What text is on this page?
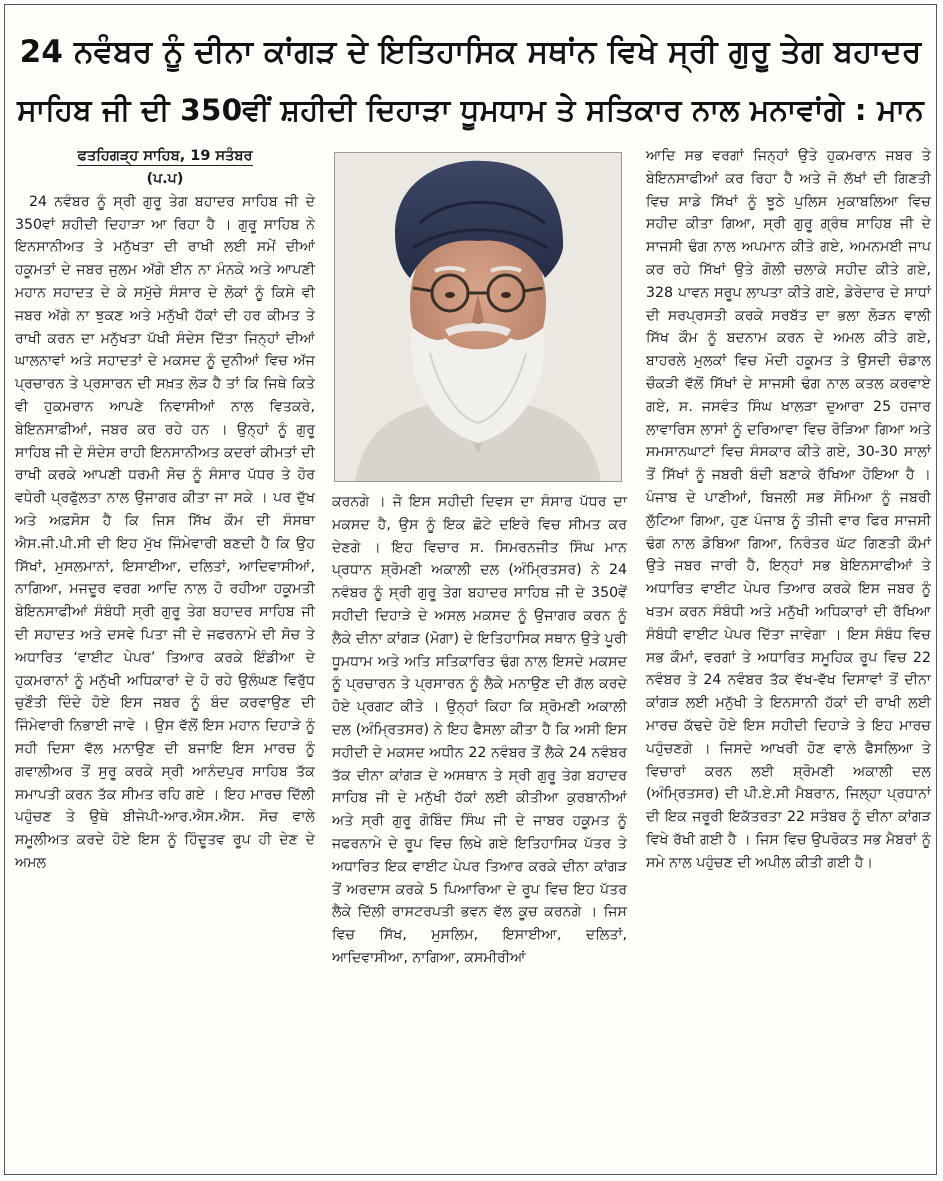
24 ਨਵੰਬਰ ਨੂੰ ਦੀਨਾ ਕਾਂਗੜ ਦੇ ਇਤਿਹਾਸਿਕ ਸਥਾਂਨ ਵਿਖੇ ਸ੍ਰੀ ਗੁਰੂ ਤੇਗ ਬਹਾਦਰ
ਸਾਹਿਬ ਜੀ ਦੀ 350ਵੀਂ ਸ਼ਹੀਦੀ ਦਿਹਾੜਾ ਧੂਮਧਾਮ ਤੇ ਸਤਿਕਾਰ ਨਾਲ ਮਨਾਵਾਂਗੇ : ਮਾਨ

ਫਤਹਿਗੜ੍ਹ ਸਾਹਿਬ, 19 ਸਤੰਬਰ

(ਪ.ਪ)

24 ਨਵੰਬਰ ਨੂੰ ਸ੍ਰੀ ਗੁਰੂ ਤੇਗ ਬਹਾਦਰ ਸਾਹਿਬ ਜੀ ਦੇ 350ਵਾਂ ਸ਼ਹੀਦੀ ਦਿਹਾੜਾ ਆ ਰਿਹਾ ਹੈ । ਗੁਰੂ ਸਾਹਿਬ ਨੇ ਇਨਸਾਨੀਅਤ ਤੇ ਮਨੁੱਖਤਾ ਦੀ ਰਾਖੀ ਲਈ ਸਮੇਂ ਦੀਆਂ ਹਕੂਮਤਾਂ ਦੇ ਜਬਰ ਜੁਲਮ ਅੱਗੇ ਈਨ ਨਾ ਮੰਨਕੇ ਅਤੇ ਆਪਣੀ ਮਹਾਨ ਸਹਾਦਤ ਦੇ ਕੇ ਸਮੁੱਚੇ ਸੰਸਾਰ ਦੇ ਲੋਕਾਂ ਨੂੰ ਕਿਸੇ ਵੀ ਜਬਰ ਅੱਗੇ ਨਾ ਝੁਕਣ ਅਤੇ ਮਨੁੱਖੀ ਹੱਕਾਂ ਦੀ ਹਰ ਕੀਮਤ ਤੇ ਰਾਖੀ ਕਰਨ ਦਾ ਮਨੁੱਖਤਾ ਪੱਖੀ ਸੰਦੇਸ ਦਿੱਤਾ ਜਿਨ੍ਹਾਂ ਦੀਆਂ ਘਾਲਨਾਵਾਂ ਅਤੇ ਸਹਾਦਤਾਂ ਦੇ ਮਕਸਦ ਨੂੰ ਦੁਨੀਆਂ ਵਿਚ ਅੱਜ ਪ੍ਰਚਾਰਨ ਤੇ ਪ੍ਰਸਾਰਨ ਦੀ ਸਖ਼ਤ ਲੋੜ ਹੈ ਤਾਂ ਕਿ ਜਿਥੇ ਕਿਤੇ ਵੀ ਹੁਕਮਰਾਨ ਆਪਣੇ ਨਿਵਾਸੀਆਂ ਨਾਲ ਵਿਤਕਰੇ, ਬੇਇਨਸਾਫ਼ੀਆਂ, ਜਬਰ ਕਰ ਰਹੇ ਹਨ । ਉਨ੍ਹਾਂ ਨੂੰ ਗੁਰੂ ਸਾਹਿਬ ਜੀ ਦੇ ਸੰਦੇਸ ਰਾਹੀ ਇਨਸਾਨੀਅਤ ਕਦਰਾਂ ਕੀਮਤਾਂ ਦੀ ਰਾਖੀ ਕਰਕੇ ਆਪਣੀ ਧਰਮੀ ਸੋਚ ਨੂੰ ਸੰਸਾਰ ਪੱਧਰ ਤੇ ਹੋਰ ਵਧੇਰੀ ਪ੍ਰਫੁੱਲਤਾ ਨਾਲ ਉਜਾਗਰ ਕੀਤਾ ਜਾ ਸਕੇ । ਪਰ ਦੁੱਖ ਅਤੇ ਅਫ਼ਸੋਸ ਹੈ ਕਿ ਜਿਸ ਸਿੱਖ ਕੌਮ ਦੀ ਸੰਸਥਾ ਐਸ.ਜੀ.ਪੀ.ਸੀ ਦੀ ਇਹ ਮੁੱਖ ਜਿੰਮੇਵਾਰੀ ਬਣਦੀ ਹੈ ਕਿ ਉਹ ਸਿੱਖਾਂ, ਮੁਸਲਮਾਨਾਂ, ਇਸਾਈਆ, ਦਲਿਤਾਂ, ਆਦਿਵਾਸੀਆਂ, ਨਾਗਿਆ, ਮਜਦੂਰ ਵਰਗ ਆਦਿ ਨਾਲ ਹੋ ਰਹੀਆ ਹਕੂਮਤੀ ਬੇਇਨਸਾਫੀਆਂ ਸੰਬੰਧੀ ਸ੍ਰੀ ਗੁਰੂ ਤੇਗ ਬਹਾਦਰ ਸਾਹਿਬ ਜੀ ਦੀ ਸਹਾਦਤ ਅਤੇ ਦਸਵੇ ਪਿਤਾ ਜੀ ਦੇ ਜਫਰਨਾਮੇ ਦੀ ਸੋਚ ਤੇ ਅਧਾਰਿਤ ‘ਵਾਈਟ ਪੇਪਰ’ ਤਿਆਰ ਕਰਕੇ ਇੰਡੀਆ ਦੇ ਹੁਕਮਰਾਨਾਂ ਨੂੰ ਮਨੁੱਖੀ ਅਧਿਕਾਰਾਂ ਦੇ ਹੋ ਰਹੇ ਉਲੰਘਣ ਵਿਰੁੱਧ ਚੁਣੌਤੀ ਦਿੰਦੇ ਹੋਏ ਇਸ ਜਬਰ ਨੂੰ ਬੰਦ ਕਰਵਾਉਣ ਦੀ ਜਿੰਮੇਵਾਰੀ ਨਿਭਾਈ ਜਾਵੇ । ਉਸ ਵੱਲੋਂ ਇਸ ਮਹਾਨ ਦਿਹਾੜੇ ਨੂੰ ਸਹੀ ਦਿਸਾ ਵੱਲ ਮਨਾਉਣ ਦੀ ਬਜਾਇ ਇਸ ਮਾਰਚ ਨੂੰ ਗਵਾਲੀਅਰ ਤੋਂ ਸੁਰੂ ਕਰਕੇ ਸ੍ਰੀ ਆਨੰਦਪੁਰ ਸਾਹਿਬ ਤੱਕ ਸਮਾਪਤੀ ਕਰਨ ਤੱਕ ਸੀਮਤ ਰਹਿ ਗਏ । ਇਹ ਮਾਰਚ ਦਿੱਲੀ ਪਹੁੰਚਣ ਤੇ ਉਥੇ ਬੀਜੇਪੀ-ਆਰ.ਐਸ.ਐਸ. ਸੋਚ ਵਾਲੇ ਸਮੂਲੀਅਤ ਕਰਦੇ ਹੋਏ ਇਸ ਨੂੰ ਹਿੰਦੂਤਵ ਰੂਪ ਹੀ ਦੇਣ ਦੇ ਅਮਲ

ਕਰਨਗੇ । ਜੋ ਇਸ ਸਹੀਦੀ ਦਿਵਸ ਦਾ ਸੰਸਾਰ ਪੱਧਰ ਦਾ ਮਕਸਦ ਹੈ, ਉਸ ਨੂੰ ਇਕ ਛੋਟੇ ਦਇਰੇ ਵਿਚ ਸੀਮਤ ਕਰ ਦੇਣਗੇ । ਇਹ ਵਿਚਾਰ ਸ. ਸਿਮਰਨਜੀਤ ਸਿੰਘ ਮਾਨ ਪ੍ਰਧਾਨ ਸ਼੍ਰੋਮਣੀ ਅਕਾਲੀ ਦਲ (ਅੰਮ੍ਰਿਤਸਰ) ਨੇ 24 ਨਵੰਬਰ ਨੂੰ ਸ੍ਰੀ ਗੁਰੂ ਤੇਗ ਬਹਾਦਰ ਸਾਹਿਬ ਜੀ ਦੇ 350ਵੇਂ ਸਹੀਦੀ ਦਿਹਾੜੇ ਦੇ ਅਸਲ ਮਕਸਦ ਨੂੰ ਉਜਾਗਰ ਕਰਨ ਨੂੰ ਲੈਕੇ ਦੀਨਾ ਕਾਂਗੜ (ਮੋਗਾ) ਦੇ ਇਤਿਹਾਸਿਕ ਸਥਾਨ ਉਤੇ ਪੂਰੀ ਧੂਮਧਾਮ ਅਤੇ ਅਤਿ ਸਤਿਕਾਰਿਤ ਢੰਗ ਨਾਲ ਇਸਦੇ ਮਕਸਦ ਨੂੰ ਪ੍ਰਚਾਰਨ ਤੇ ਪ੍ਰਸਾਰਨ ਨੂੰ ਲੈਕੇ ਮਨਾਉਣ ਦੀ ਗੱਲ ਕਰਦੇ ਹੋਏ ਪ੍ਰਗਟ ਕੀਤੇ । ਉਨ੍ਹਾਂ ਕਿਹਾ ਕਿ ਸ਼੍ਰੋਮਣੀ ਅਕਾਲੀ ਦਲ (ਅੰਮ੍ਰਿਤਸਰ) ਨੇ ਇਹ ਫੈਸਲਾ ਕੀਤਾ ਹੈ ਕਿ ਅਸੀ ਇਸ ਸਹੀਦੀ ਦੇ ਮਕਸਦ ਅਧੀਨ 22 ਨਵੰਬਰ ਤੋਂ ਲੈਕੇ 24 ਨਵੰਬਰ ਤੱਕ ਦੀਨਾ ਕਾਂਗੜ ਦੇ ਅਸਥਾਨ ਤੇ ਸ੍ਰੀ ਗੁਰੂ ਤੇਗ ਬਹਾਦਰ ਸਾਹਿਬ ਜੀ ਦੇ ਮਨੁੱਖੀ ਹੱਕਾਂ ਲਈ ਕੀਤੀਆ ਕੁਰਬਾਨੀਆਂ ਅਤੇ ਸ੍ਰੀ ਗੁਰੂ ਗੋਬਿੰਦ ਸਿੰਘ ਜੀ ਦੇ ਜਾਬਰ ਹਕੂਮਤ ਨੂੰ ਜਫਰਨਾਮੇ ਦੇ ਰੂਪ ਵਿਚ ਲਿਖੇ ਗਏ ਇਤਿਹਾਸਿਕ ਪੱਤਰ ਤੇ ਅਧਾਰਿਤ ਇਕ ਵਾਈਟ ਪੇਪਰ ਤਿਆਰ ਕਰਕੇ ਦੀਨਾ ਕਾਂਗੜ ਤੋਂ ਅਰਦਾਸ ਕਰਕੇ 5 ਪਿਆਰਿਆ ਦੇ ਰੂਪ ਵਿਚ ਇਹ ਪੱਤਰ ਲੈਕੇ ਦਿੱਲੀ ਰਾਸਟਰਪਤੀ ਭਵਨ ਵੱਲ ਕੂਚ ਕਰਨਗੇ । ਜਿਸ ਵਿਚ ਸਿੱਖ, ਮੁਸਲਿਮ, ਇਸਾਈਆ, ਦਲਿਤਾਂ, ਆਦਿਵਾਸੀਆ, ਨਾਗਿਆ, ਕਸਮੀਰੀਆਂ

ਆਦਿ ਸਭ ਵਰਗਾਂ ਜਿਨ੍ਹਾਂ ਉਤੇ ਹੁਕਮਰਾਨ ਜਬਰ ਤੇ ਬੇਇਨਸਾਫੀਆਂ ਕਰ ਰਿਹਾ ਹੈ ਅਤੇ ਜੋ ਲੱਖਾਂ ਦੀ ਗਿਣਤੀ ਵਿਚ ਸਾਡੇ ਸਿੱਖਾਂ ਨੂੰ ਝੂਠੇ ਪੁਲਿਸ ਮੁਕਾਬਲਿਆ ਵਿਚ ਸਹੀਦ ਕੀਤਾ ਗਿਆ, ਸ੍ਰੀ ਗੁਰੂ ਗ੍ਰੰਥ ਸਾਹਿਬ ਜੀ ਦੇ ਸਾਜਸੀ ਢੰਗ ਨਾਲ ਅਪਮਾਨ ਕੀਤੇ ਗਏ, ਅਮਨਮਈ ਜਾਪ ਕਰ ਰਹੇ ਸਿੱਖਾਂ ਉਤੇ ਗੋਲੀ ਚਲਾਕੇ ਸਹੀਦ ਕੀਤੇ ਗਏ, 328 ਪਾਵਨ ਸਰੂਪ ਲਾਪਤਾ ਕੀਤੇ ਗਏ, ਡੇਰੇਦਾਰ ਦੇ ਸਾਧਾਂ ਦੀ ਸਰਪ੍ਰਸਤੀ ਕਰਕੇ ਸਰਬੱਤ ਦਾ ਭਲਾ ਲੋੜਨ ਵਾਲੀ ਸਿੱਖ ਕੌਮ ਨੂੰ ਬਦਨਾਮ ਕਰਨ ਦੇ ਅਮਲ ਕੀਤੇ ਗਏ, ਬਾਹਰਲੇ ਮੁਲਕਾਂ ਵਿਚ ਮੋਦੀ ਹਕੂਮਤ ਤੇ ਉਸਦੀ ਚੰਡਾਲ ਚੌਕੜੀ ਵੱਲੋਂ ਸਿੱਖਾਂ ਦੇ ਸਾਜਸੀ ਢੰਗ ਨਾਲ ਕਤਲ ਕਰਵਾਏ ਗਏ, ਸ. ਜਸਵੰਤ ਸਿੰਘ ਖਾਲੜਾ ਦੁਆਰਾ 25 ਹਜਾਰ ਲਾਵਾਰਿਸ ਲਾਸਾਂ ਨੂੰ ਦਰਿਆਵਾ ਵਿਚ ਰੋੜਿਆ ਗਿਆ ਅਤੇ ਸਮਸਾਨਘਾਟਾਂ ਵਿਚ ਸੰਸਕਾਰ ਕੀਤੇ ਗਏ, 30-30 ਸਾਲਾਂ ਤੋਂ ਸਿੱਖਾਂ ਨੂੰ ਜਬਰੀ ਬੰਦੀ ਬਣਾਕੇ ਰੱਖਿਆ ਹੋਇਆ ਹੈ । ਪੰਜਾਬ ਦੇ ਪਾਣੀਆਂ, ਬਿਜਲੀ ਸਭ ਸੋਮਿਆ ਨੂੰ ਜਬਰੀ ਲੁੱਟਿਆ ਗਿਆ, ਹੁਣ ਪੰਜਾਬ ਨੂੰ ਤੀਜੀ ਵਾਰ ਫਿਰ ਸਾਜਸੀ ਢੰਗ ਨਾਲ ਡੋਬਿਆ ਗਿਆ, ਨਿਰੰਤਰ ਘੱਟ ਗਿਣਤੀ ਕੌਮਾਂ ਉਤੇ ਜਬਰ ਜਾਰੀ ਹੈ, ਇਨ੍ਹਾਂ ਸਭ ਬੇਇਨਸਾਫੀਆਂ ਤੇ ਅਧਾਰਿਤ ਵਾਈਟ ਪੇਪਰ ਤਿਆਰ ਕਰਕੇ ਇਸ ਜਬਰ ਨੂੰ ਖਤਮ ਕਰਨ ਸੰਬੰਧੀ ਅਤੇ ਮਨੁੱਖੀ ਅਧਿਕਾਰਾਂ ਦੀ ਰੱਖਿਆ ਸੰਬੰਧੀ ਵਾਈਟ ਪੇਪਰ ਦਿੱਤਾ ਜਾਵੇਗਾ । ਇਸ ਸੰਬੰਧ ਵਿਚ ਸਭ ਕੌਮਾਂ, ਵਰਗਾਂ ਤੇ ਅਧਾਰਿਤ ਸਮੂਹਿਕ ਰੂਪ ਵਿਚ 22 ਨਵੰਬਰ ਤੇ 24 ਨਵੰਬਰ ਤੱਕ ਵੱਖ-ਵੱਖ ਦਿਸਾਵਾਂ ਤੋਂ ਦੀਨਾ ਕਾਂਗੜ ਲਈ ਮਨੁੱਖੀ ਤੇ ਇਨਸਾਨੀ ਹੱਕਾਂ ਦੀ ਰਾਖੀ ਲਈ ਮਾਰਚ ਕੱਢਦੇ ਹੋਏ ਇਸ ਸਹੀਦੀ ਦਿਹਾੜੇ ਤੇ ਇਹ ਮਾਰਚ ਪਹੁੰਚਣਗੇ । ਜਿਸਦੇ ਆਖਰੀ ਹੋਣ ਵਾਲੇ ਫੈਸਲਿਆ ਤੇ ਵਿਚਾਰਾਂ ਕਰਨ ਲਈ ਸ਼੍ਰੋਮਣੀ ਅਕਾਲੀ ਦਲ (ਅੰਮ੍ਰਿਤਸਰ) ਦੀ ਪੀ.ਏ.ਸੀ ਮੈਬਰਾਨ, ਜਿਲ੍ਹਾ ਪ੍ਰਧਾਨਾਂ ਦੀ ਇਕ ਜਰੂਰੀ ਇਕੱਤਰਤਾ 22 ਸਤੰਬਰ ਨੂੰ ਦੀਨਾ ਕਾਂਗੜ ਵਿਖੇ ਰੱਖੀ ਗਈ ਹੈ । ਜਿਸ ਵਿਚ ਉਪਰੋਕਤ ਸਭ ਮੈਬਰਾਂ ਨੂੰ ਸਮੇ ਨਾਲ ਪਹੁੰਚਣ ਦੀ ਅਪੀਲ ਕੀਤੀ ਗਈ ਹੈ।
